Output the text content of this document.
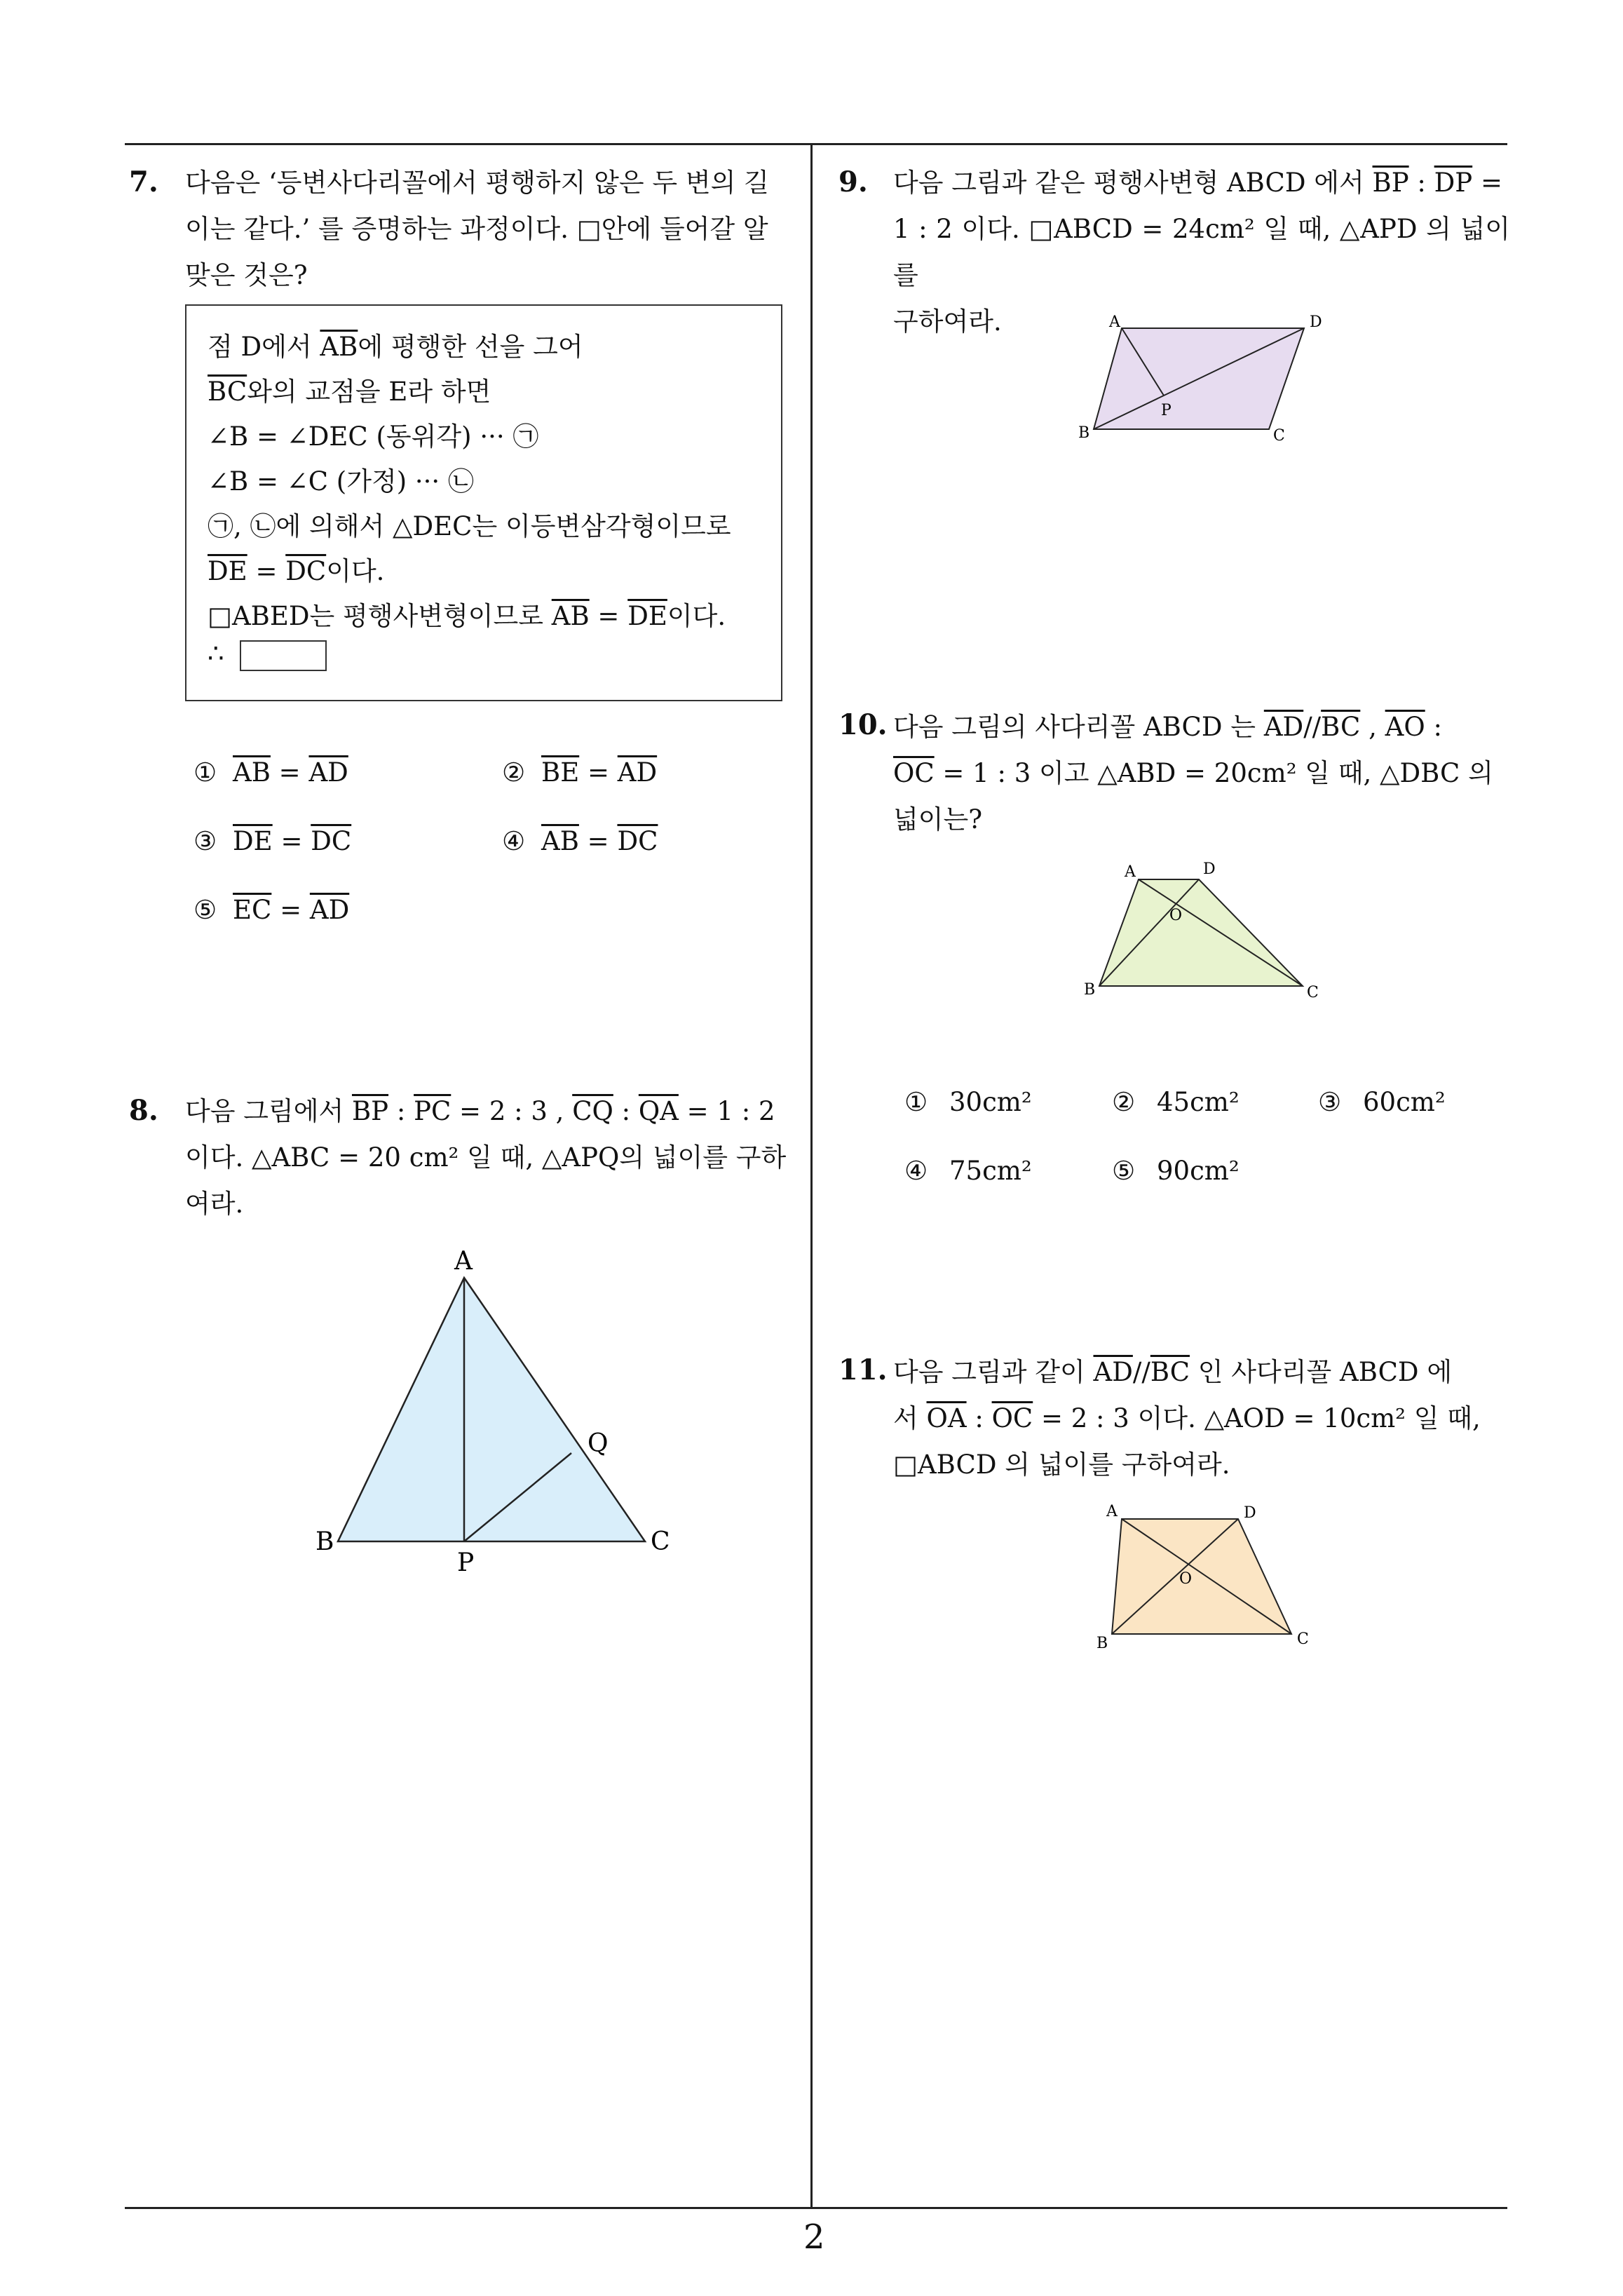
7. 다음은 ‘등변사다리꼴에서 평행하지 않은 두 변의 길
이는 같다.’ 를 증명하는 과정이다. □안에 들어갈 알
맞은 것은?
점 D에서 $\overline{AB}$에 평행한 선을 그어
$\overline{BC}$와의 교점을 E라 하면
∠B = ∠DEC (동위각) ··· ㉠
∠B = ∠C (가정) ··· ㉡
㉠, ㉡에 의해서 △DEC는 이등변삼각형이므로
$\overline{DE} = \overline{DC}$이다.
□ABED는 평행사변형이므로 $\overline{AB} = \overline{DE}$이다.
∴
① $\overline{AB} = \overline{AD}$	② $\overline{BE} = \overline{AD}$
③ $\overline{DE} = \overline{DC}$	④ $\overline{AB} = \overline{DC}$
⑤ $\overline{EC} = \overline{AD}$
8. 다음 그림에서 $\overline{BP}$ : $\overline{PC} = 2$ : 3 , $\overline{CQ}$ : $\overline{QA} = 1$ : 2
이다. △ABC = 20 cm² 일 때, △APQ의 넓이를 구하
여라.
A
B	C
P
Q
9. 다음 그림과 같은 평행사변형 ABCD 에서 $\overline{BP}$ : $\overline{DP}$ =
1 : 2 이다. □ABCD = 24cm² 일 때, △APD 의 넓이를
구하여라.	A	D
B	C
P
10. 다음 그림의 사다리꼴 ABCD 는 $\overline{AD}//\overline{BC}$ , $\overline{AO}$ :
$\overline{OC} = 1$ : 3 이고 △ABD = 20cm² 일 때, △DBC 의
넓이는?
A	D
O
B	C
① 30cm²	② 45cm²	③ 60cm²
④ 75cm²	⑤ 90cm²
11. 다음 그림과 같이 $\overline{AD}//\overline{BC}$ 인 사다리꼴 ABCD 에
서 $\overline{OA}$ : $\overline{OC} = 2$ : 3 이다. △AOD = 10cm² 일 때,
□ABCD 의 넓이를 구하여라.
A	D
O
B	C
2
